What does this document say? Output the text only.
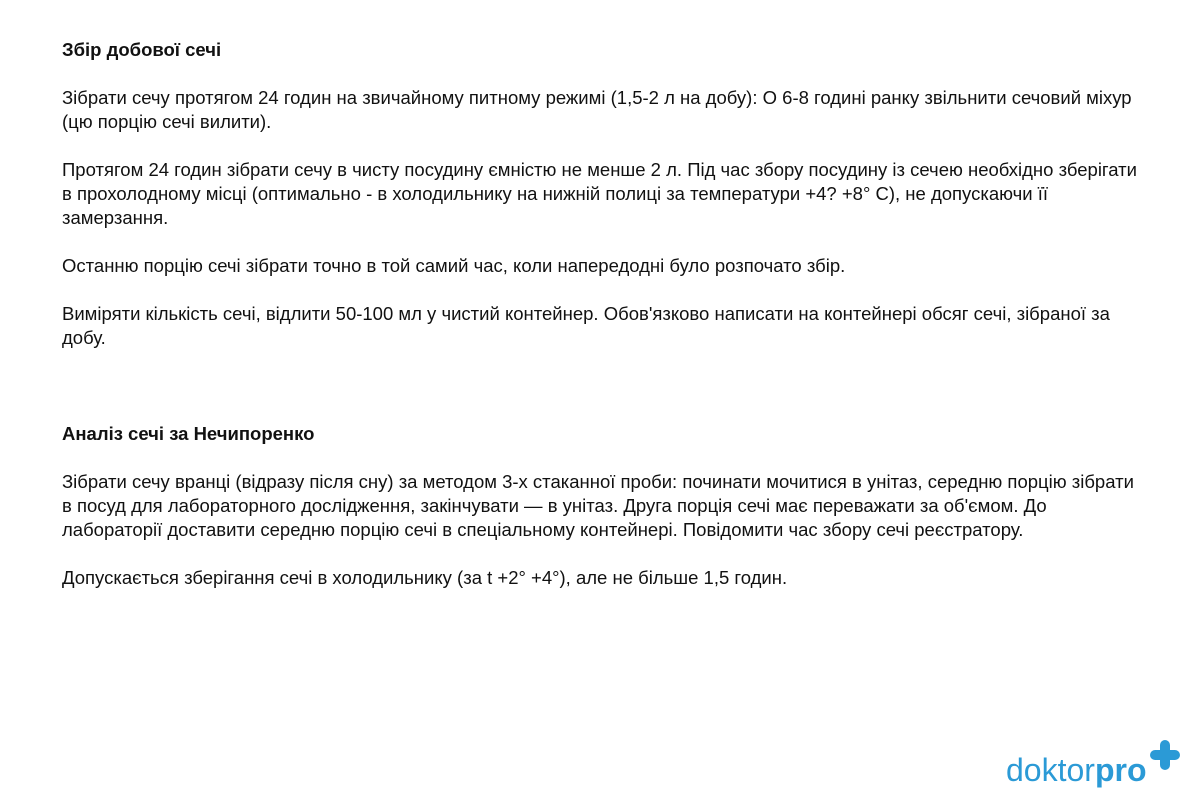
Збір добової сечі

Зібрати сечу протягом 24 годин на звичайному питному режимі (1,5-2 л на добу): О 6-8 годині ранку звільнити сечовий міхур (цю порцію сечі вилити).

Протягом 24 годин зібрати сечу в чисту посудину ємністю не менше 2 л. Під час збору посудину із сечею необхідно зберігати в прохолодному місці (оптимально - в холодильнику на нижній полиці за температури +4? +8° С), не допускаючи її замерзання.

Останню порцію сечі зібрати точно в той самий час, коли напередодні було розпочато збір.

Виміряти кількість сечі, відлити 50-100 мл у чистий контейнер. Обов'язково написати на контейнері обсяг сечі, зібраної за добу.

Аналіз сечі за Нечипоренко

Зібрати сечу вранці (відразу після сну) за методом 3-х стаканної проби: починати мочитися в унітаз, середню порцію зібрати в посуд для лабораторного дослідження, закінчувати — в унітаз. Друга порція сечі має переважати за об'ємом. До лабораторії доставити середню порцію сечі в спеціальному контейнері. Повідомити час збору сечі реєстратору.

Допускається зберігання сечі в холодильнику (за t +2° +4°), але не більше 1,5 годин.

doktorpro
